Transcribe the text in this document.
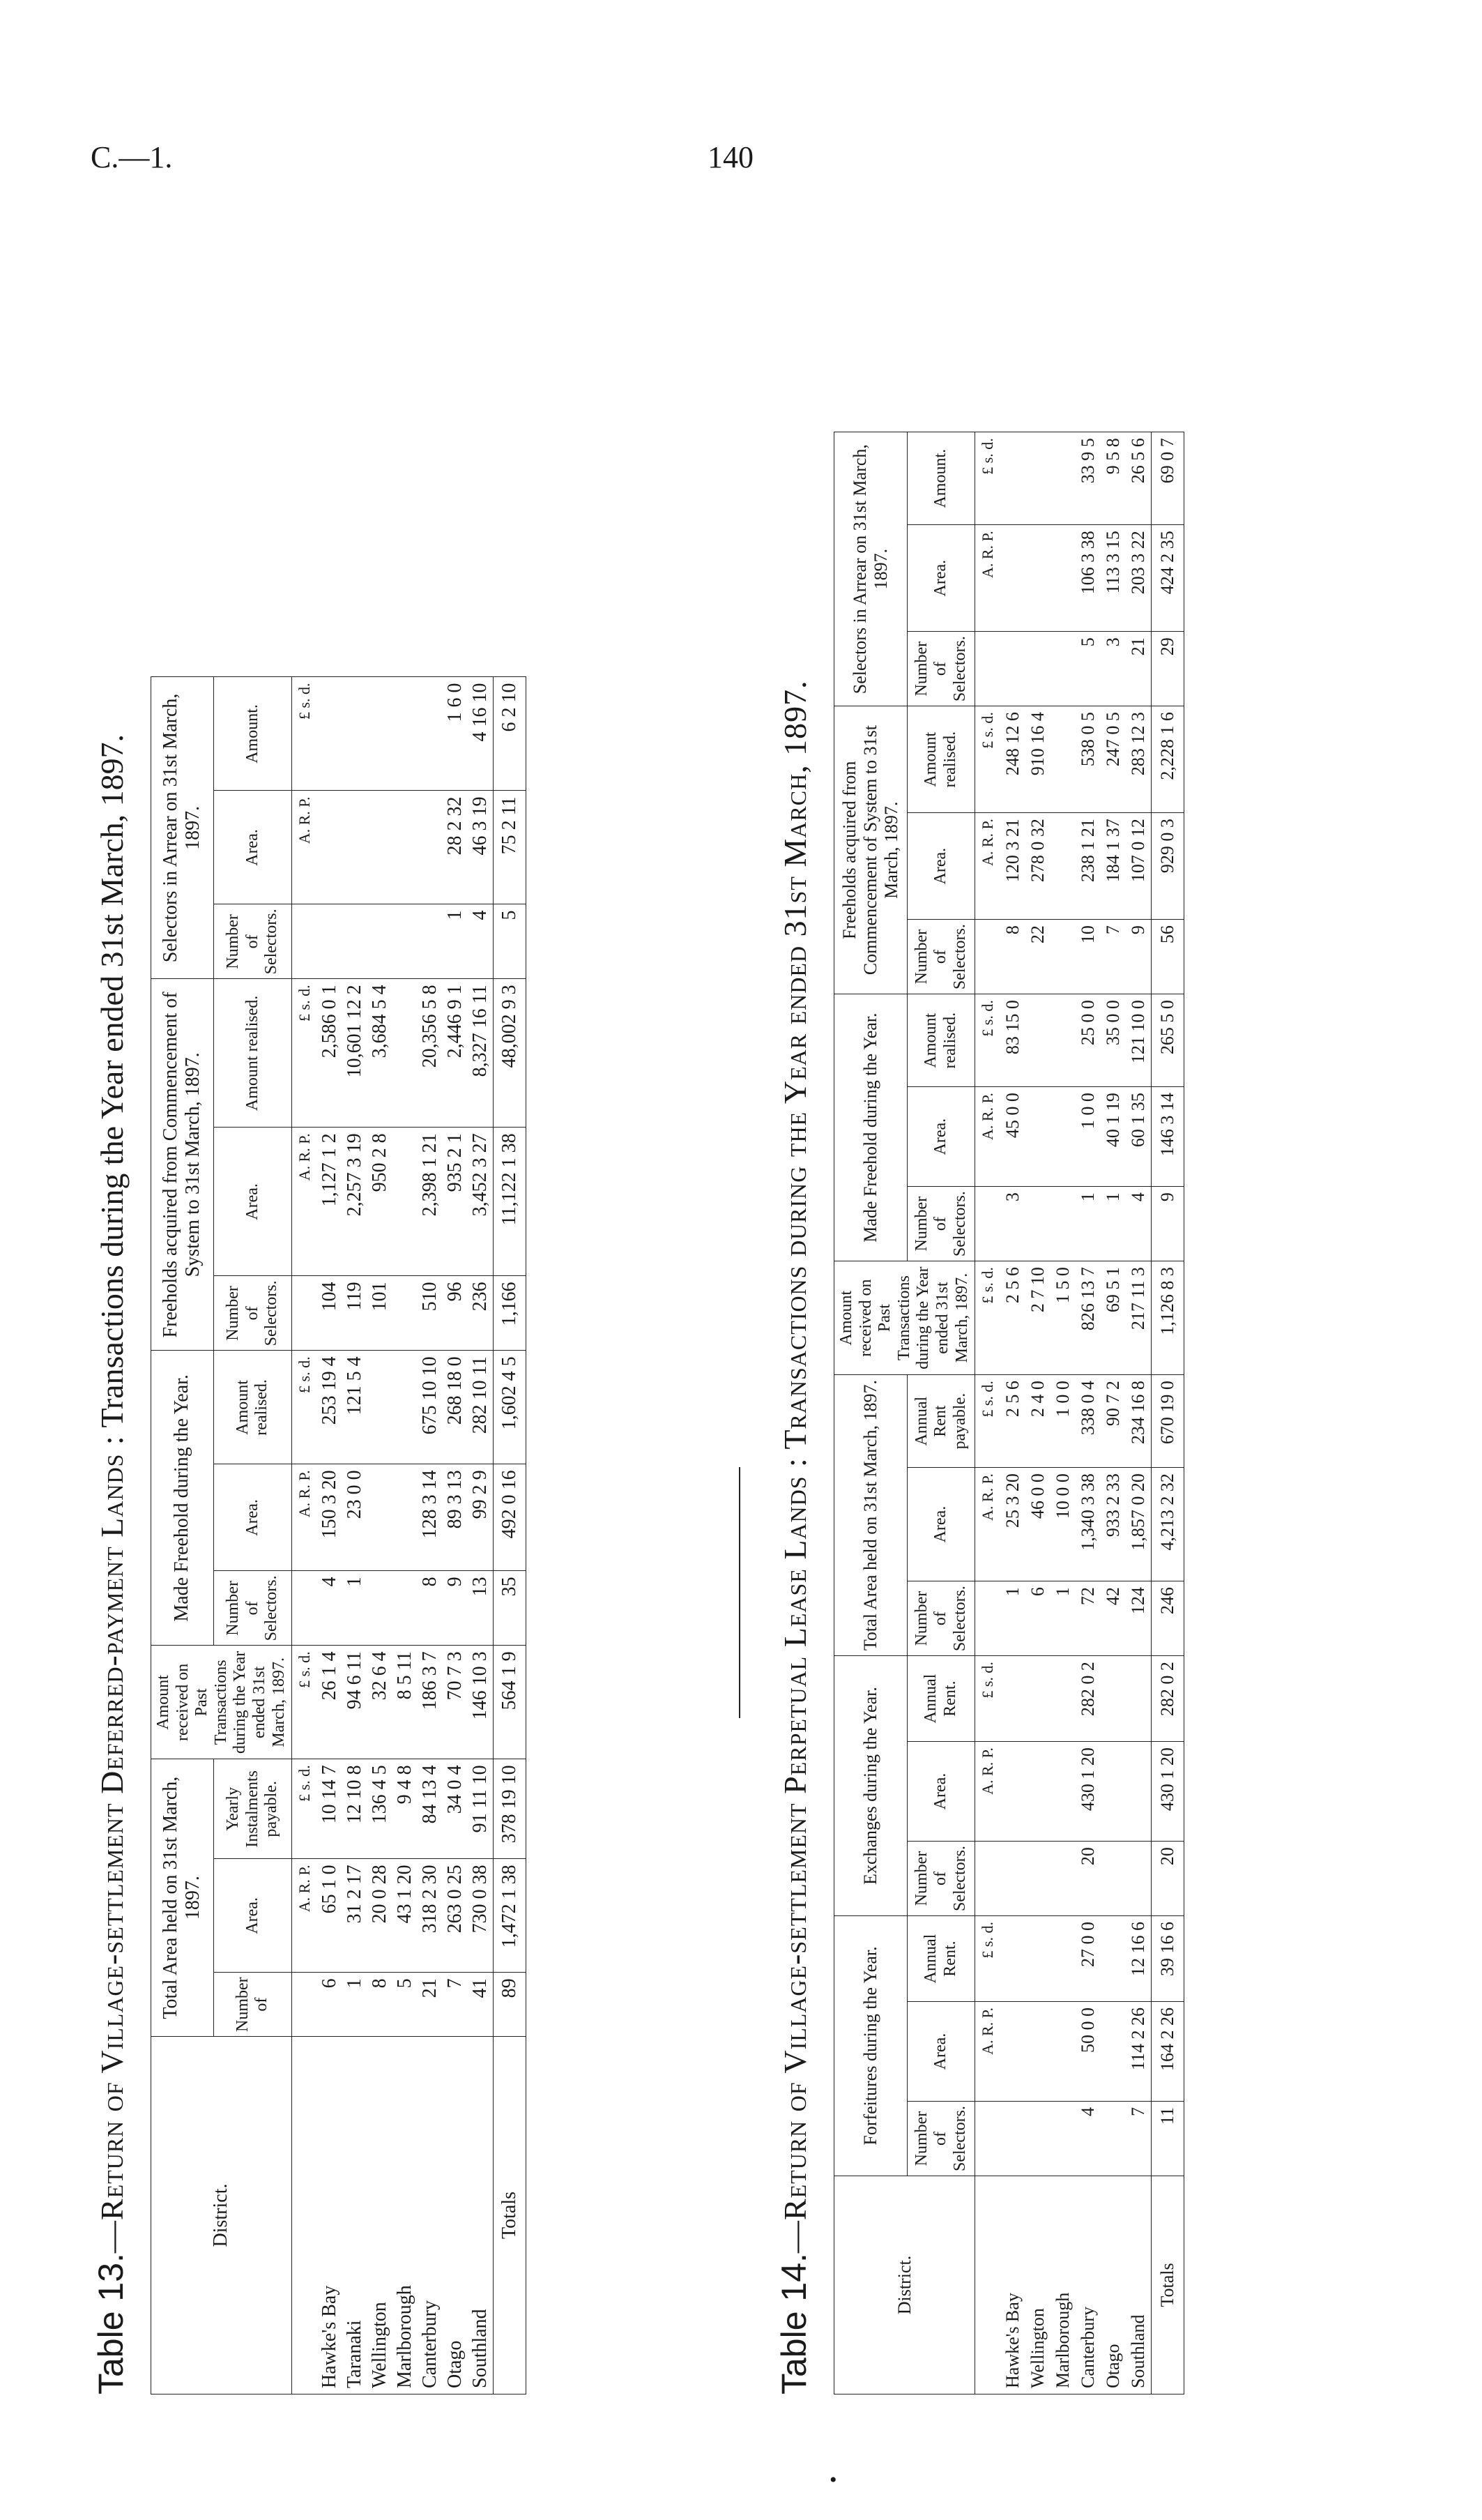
C.—1.	140
•
Table 13.—Return of Village-settlement Deferred-payment Lands : Transactions during the Year ended 31st March, 1897.
District.	Total Area held on 31st March, 1897.			Amount received on Past Transactions during the Year ended 31st March, 1897.	Made Freehold during the Year.			Freeholds acquired from Commencement of System to 31st March, 1897.			Selectors in Arrear on 31st March, 1897.		
	Number of	Area.	Yearly Instalments payable.		Number of Selectors.	Area.	Amount realised.	Number of Selectors.	Area.	Amount realised.	Number of Selectors.	Area.	Amount.
		A. R. P.	£ s. d.	£ s. d.		A. R. P.	£ s. d.		A. R. P.	£ s. d.		A. R. P.	£ s. d.
Hawke's Bay	6	65 1 0	10 14 7	26 1 4	4	150 3 20	253 19 4	104	1,127 1 2	2,586 0 1			
Taranaki	1	31 2 17	12 10 8	94 6 11	1	23 0 0	121 5 4	119	2,257 3 19	10,601 12 2			
Wellington	8	20 0 28	136 4 5	32 6 4				101	950 2 8	3,684 5 4			
Marlborough	5	43 1 20	9 4 8	8 5 11									
Canterbury	21	318 2 30	84 13 4	186 3 7	8	128 3 14	675 10 10	510	2,398 1 21	20,356 5 8			
Otago	7	263 0 25	34 0 4	70 7 3	9	89 3 13	268 18 0	96	935 2 1	2,446 9 1	1	28 2 32	1 6 0
Southland	41	730 0 38	91 11 10	146 10 3	13	99 2 9	282 10 11	236	3,452 3 27	8,327 16 11	4	46 3 19	4 16 10
Totals	89	1,472 1 38	378 19 10	564 1 9	35	492 0 16	1,602 4 5	1,166	11,122 1 38	48,002 9 3	5	75 2 11	6 2 10
Table 14.—Return of Village-settlement Perpetual Lease Lands : Transactions during the Year ended 31st March, 1897.
District.	Forfeitures during the Year.			Exchanges during the Year.			Total Area held on 31st March, 1897.			Amount received on Past Transactions during the Year ended 31st March, 1897.	Made Freehold during the Year.			Freeholds acquired from Commencement of System to 31st March, 1897.			Selectors in Arrear on 31st March, 1897.		
	Number of Selectors.	Area.	Annual Rent.	Number of Selectors.	Area.	Annual Rent.	Number of Selectors.	Area.	Annual Rent payable.		Number of Selectors.	Area.	Amount realised.	Number of Selectors.	Area.	Amount realised.	Number of Selectors.	Area.	Amount.
		A. R. P.	£ s. d.		A. R. P.	£ s. d.		A. R. P.	£ s. d.	£ s. d.		A. R. P.	£ s. d.		A. R. P.	£ s. d.		A. R. P.	£ s. d.
Hawke's Bay							1	25 3 20	2 5 6	2 5 6	3	45 0 0	83 15 0	8	120 3 21	248 12 6			
Wellington							6	46 0 0	2 4 0	2 7 10				22	278 0 32	910 16 4			
Marlborough							1	10 0 0	1 0 0	1 5 0									
Canterbury	4	50 0 0	27 0 0	20	430 1 20	282 0 2	72	1,340 3 38	338 0 4	826 13 7	1	1 0 0	25 0 0	10	238 1 21	538 0 5	5	106 3 38	33 9 5
Otago							42	933 2 33	90 7 2	69 5 1	1	40 1 19	35 0 0	7	184 1 37	247 0 5	3	113 3 15	9 5 8
Southland	7	114 2 26	12 16 6				124	1,857 0 20	234 16 8	217 11 3	4	60 1 35	121 10 0	9	107 0 12	283 12 3	21	203 3 22	26 5 6
Totals	11	164 2 26	39 16 6	20	430 1 20	282 0 2	246	4,213 2 32	670 19 0	1,126 8 3	9	146 3 14	265 5 0	56	929 0 3	2,228 1 6	29	424 2 35	69 0 7
